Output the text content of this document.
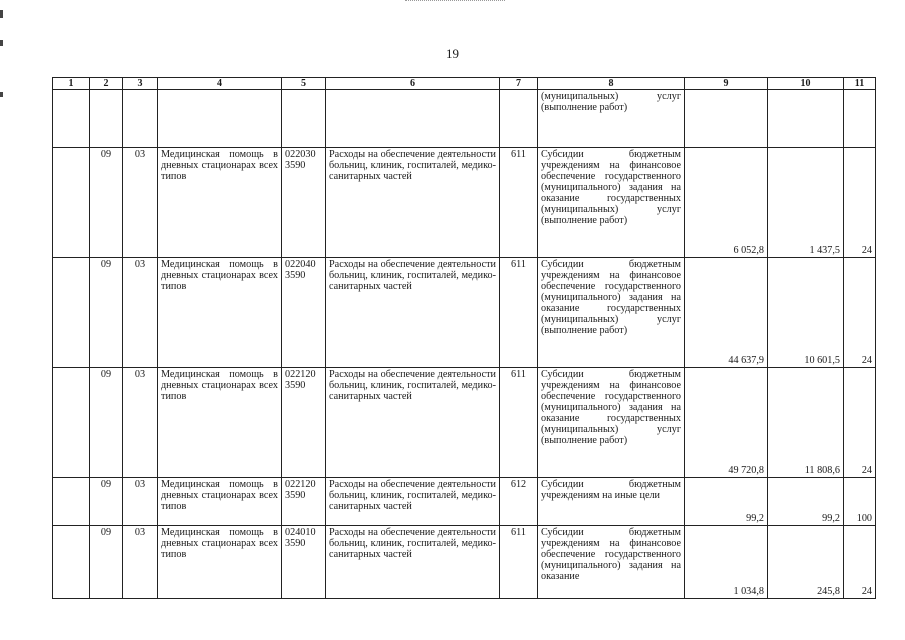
19
1	2	3	4	5	6	7	8	9	10	11
							(муниципальных) услуг (выполнение работ)			
	09	03	Медицинская помощь в дневных стационарах всех типов	022030 3590	Расходы на обеспечение деятельности больниц, клиник, госпиталей, медико-санитарных частей	611	Субсидии бюджетным учреждениям на финансовое обеспечение государственного (муниципального) задания на оказание государственных (муниципальных) услуг (выполнение работ)	6 052,8	1 437,5	24
	09	03	Медицинская помощь в дневных стационарах всех типов	022040 3590	Расходы на обеспечение деятельности больниц, клиник, госпиталей, медико-санитарных частей	611	Субсидии бюджетным учреждениям на финансовое обеспечение государственного (муниципального) задания на оказание государственных (муниципальных) услуг (выполнение работ)	44 637,9	10 601,5	24
	09	03	Медицинская помощь в дневных стационарах всех типов	022120 3590	Расходы на обеспечение деятельности больниц, клиник, госпиталей, медико-санитарных частей	611	Субсидии бюджетным учреждениям на финансовое обеспечение государственного (муниципального) задания на оказание государственных (муниципальных) услуг (выполнение работ)	49 720,8	11 808,6	24
	09	03	Медицинская помощь в дневных стационарах всех типов	022120 3590	Расходы на обеспечение деятельности больниц, клиник, госпиталей, медико-санитарных частей	612	Субсидии бюджетным учреждениям на иные цели	99,2	99,2	100
	09	03	Медицинская помощь в дневных стационарах всех типов	024010 3590	Расходы на обеспечение деятельности больниц, клиник, госпиталей, медико-санитарных частей	611	Субсидии бюджетным учреждениям на финансовое обеспечение государственного (муниципального) задания на оказание	1 034,8	245,8	24
